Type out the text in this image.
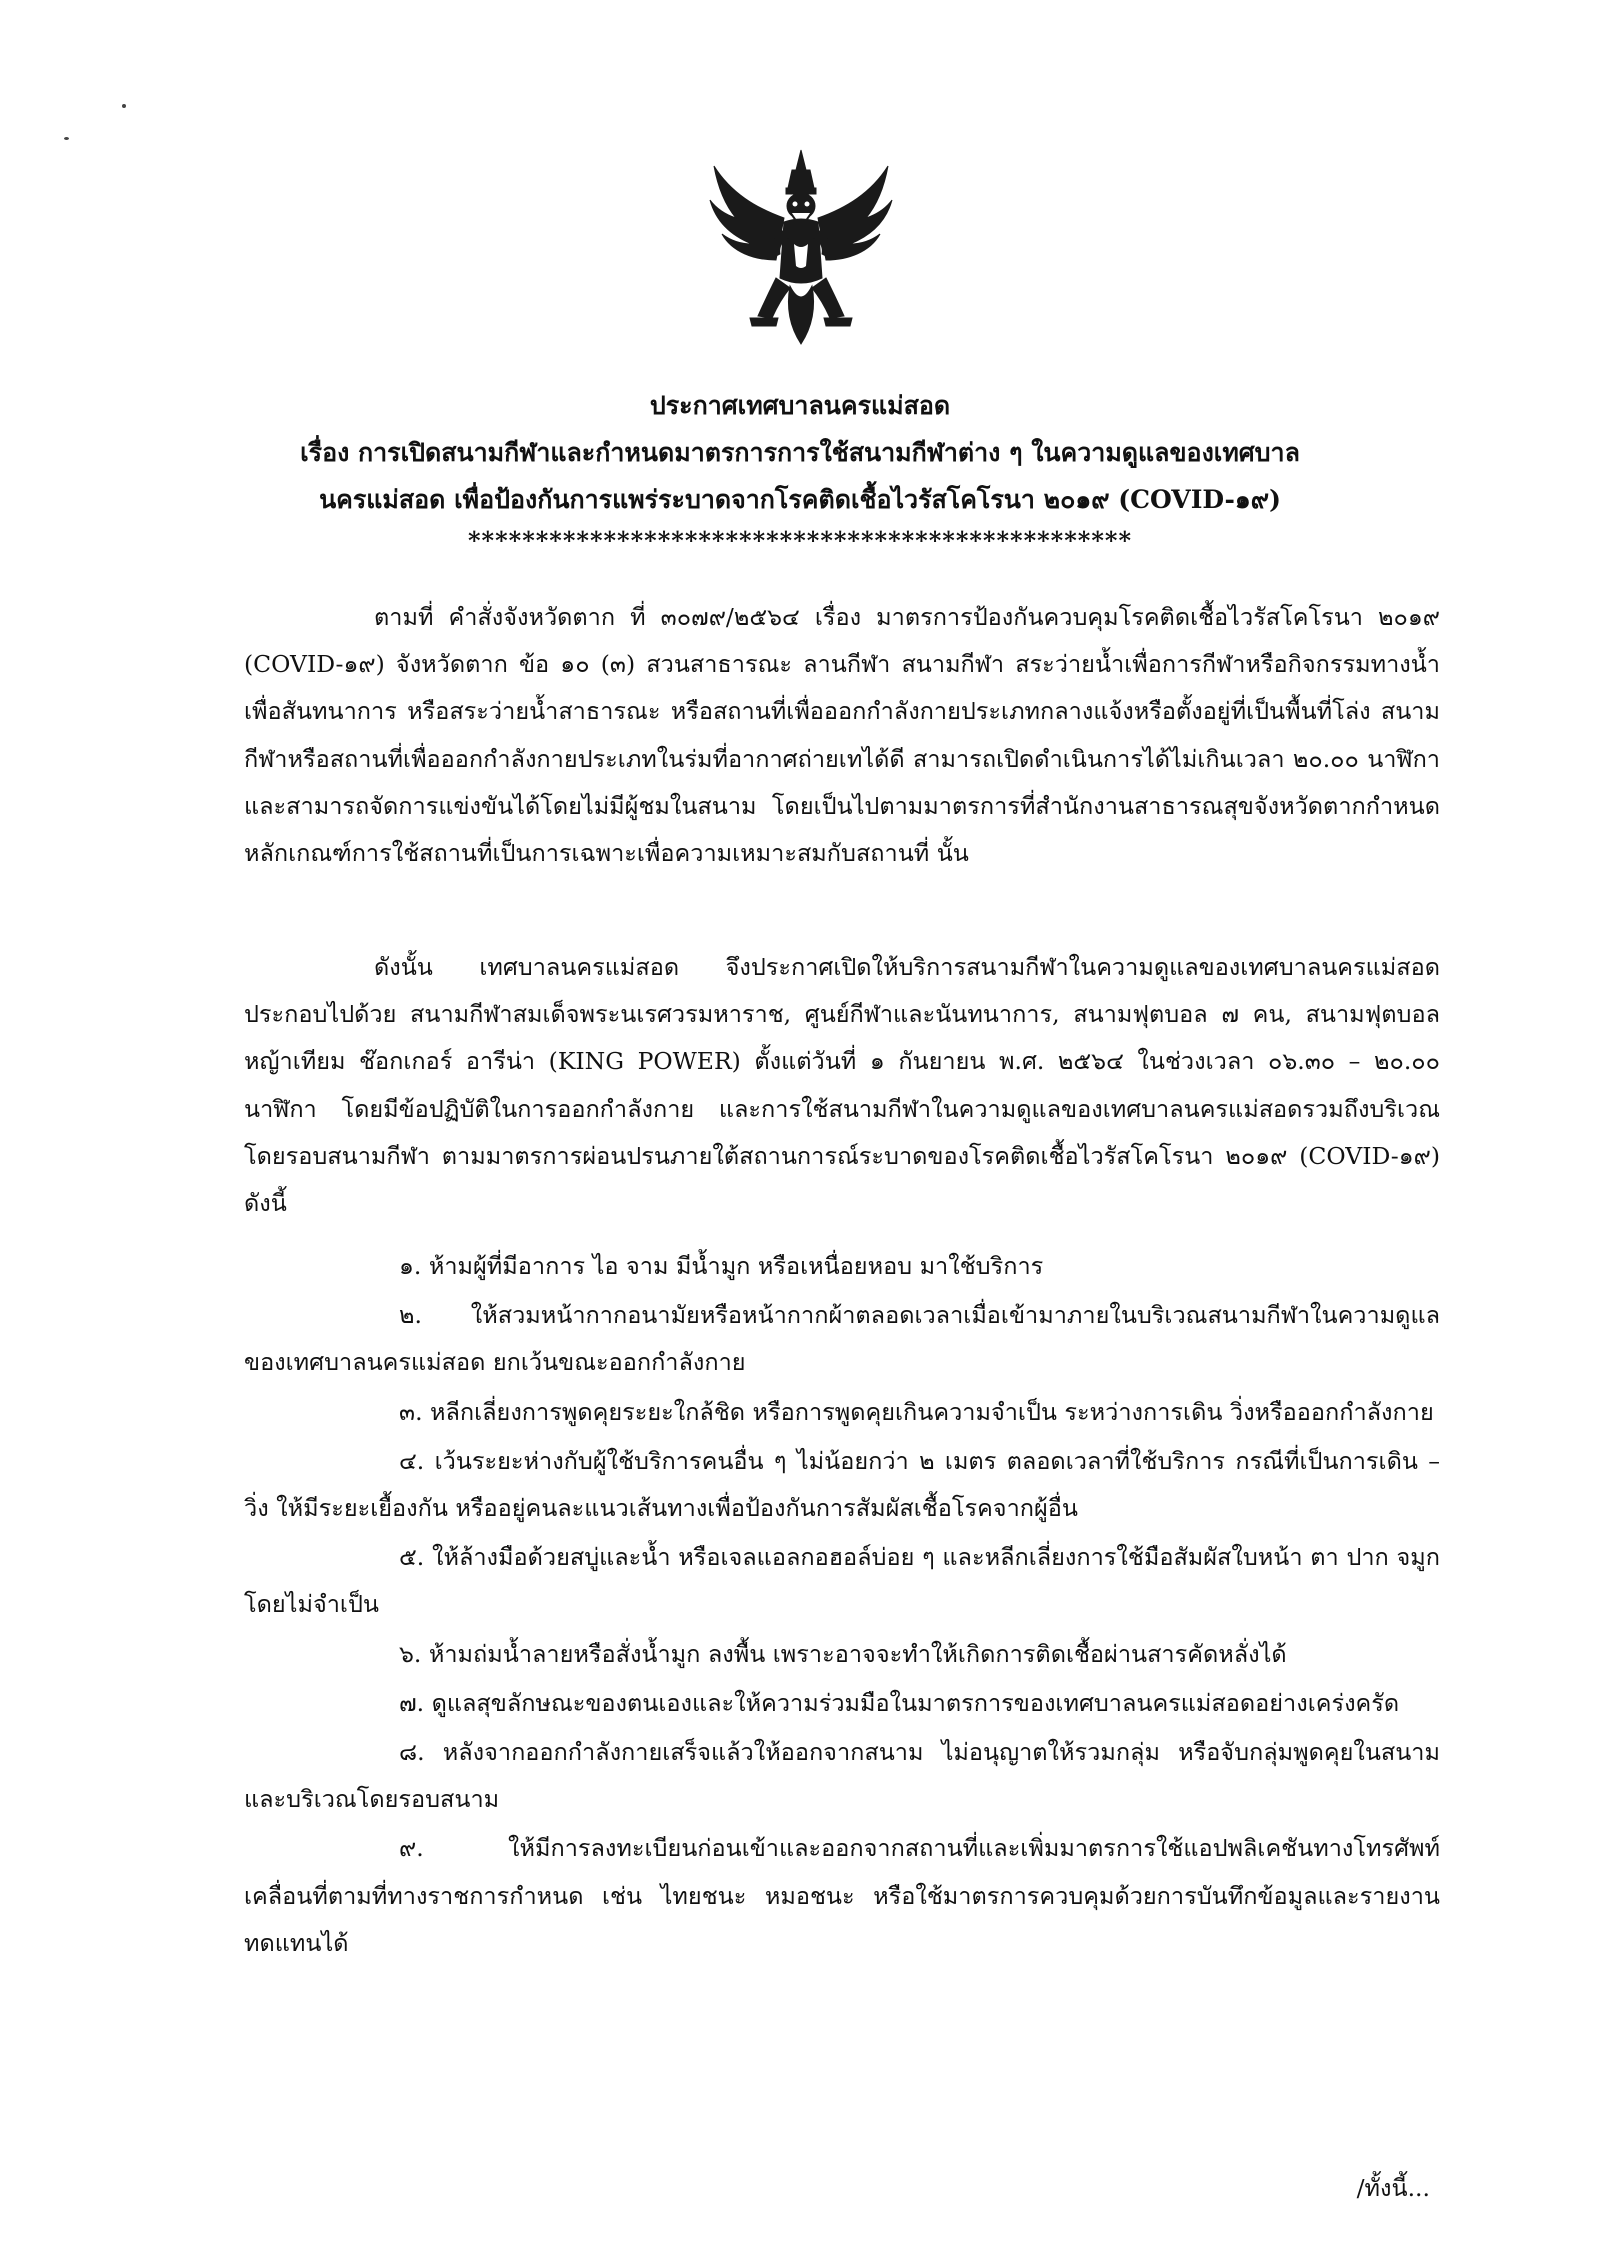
ประกาศเทศบาลนครแม่สอด
เรื่อง การเปิดสนามกีฬาและกำหนดมาตรการการใช้สนามกีฬาต่าง ๆ ในความดูแลของเทศบาล
นครแม่สอด เพื่อป้องกันการแพร่ระบาดจากโรคติดเชื้อไวรัสโคโรนา ๒๐๑๙ (COVID-๑๙)
*************************************************
ตามที่ คำสั่งจังหวัดตาก ที่ ๓๐๗๙/๒๕๖๔ เรื่อง มาตรการป้องกันควบคุมโรคติดเชื้อไวรัสโคโรนา ๒๐๑๙ (COVID-๑๙) จังหวัดตาก ข้อ ๑๐ (๓) สวนสาธารณะ ลานกีฬา สนามกีฬา สระว่ายน้ำเพื่อการกีฬาหรือกิจกรรมทางน้ำเพื่อสันทนาการ หรือสระว่ายน้ำสาธารณะ หรือสถานที่เพื่อออกกำลังกายประเภทกลางแจ้งหรือตั้งอยู่ที่เป็นพื้นที่โล่ง สนามกีฬาหรือสถานที่เพื่อออกกำลังกายประเภทในร่มที่อากาศถ่ายเทได้ดี สามารถเปิดดำเนินการได้ไม่เกินเวลา ๒๐.๐๐ นาฬิกา และสามารถจัดการแข่งขันได้โดยไม่มีผู้ชมในสนาม โดยเป็นไปตามมาตรการที่สำนักงานสาธารณสุขจังหวัดตากกำหนดหลักเกณฑ์การใช้สถานที่เป็นการเฉพาะเพื่อความเหมาะสมกับสถานที่ นั้น
ดังนั้น เทศบาลนครแม่สอด จึงประกาศเปิดให้บริการสนามกีฬาในความดูแลของเทศบาลนครแม่สอด ประกอบไปด้วย สนามกีฬาสมเด็จพระนเรศวรมหาราช, ศูนย์กีฬาและนันทนาการ, สนามฟุตบอล ๗ คน, สนามฟุตบอลหญ้าเทียม ช๊อกเกอร์ อารีน่า (KING POWER) ตั้งแต่วันที่ ๑ กันยายน พ.ศ. ๒๕๖๔ ในช่วงเวลา ๐๖.๓๐ – ๒๐.๐๐ นาฬิกา โดยมีข้อปฏิบัติในการออกกำลังกาย และการใช้สนามกีฬาในความดูแลของเทศบาลนครแม่สอดรวมถึงบริเวณโดยรอบสนามกีฬา ตามมาตรการผ่อนปรนภายใต้สถานการณ์ระบาดของโรคติดเชื้อไวรัสโคโรนา ๒๐๑๙ (COVID-๑๙) ดังนี้
๑. ห้ามผู้ที่มีอาการ ไอ จาม มีน้ำมูก หรือเหนื่อยหอบ มาใช้บริการ
๒. ให้สวมหน้ากากอนามัยหรือหน้ากากผ้าตลอดเวลาเมื่อเข้ามาภายในบริเวณสนามกีฬาในความดูแลของเทศบาลนครแม่สอด ยกเว้นขณะออกกำลังกาย
๓. หลีกเลี่ยงการพูดคุยระยะใกล้ชิด หรือการพูดคุยเกินความจำเป็น ระหว่างการเดิน วิ่งหรือออกกำลังกาย
๔. เว้นระยะห่างกับผู้ใช้บริการคนอื่น ๆ ไม่น้อยกว่า ๒ เมตร ตลอดเวลาที่ใช้บริการ กรณีที่เป็นการเดิน – วิ่ง ให้มีระยะเยื้องกัน หรืออยู่คนละแนวเส้นทางเพื่อป้องกันการสัมผัสเชื้อโรคจากผู้อื่น
๕. ให้ล้างมือด้วยสบู่และน้ำ หรือเจลแอลกอฮอล์บ่อย ๆ และหลีกเลี่ยงการใช้มือสัมผัสใบหน้า ตา ปาก จมูก โดยไม่จำเป็น
๖. ห้ามถ่มน้ำลายหรือสั่งน้ำมูก ลงพื้น เพราะอาจจะทำให้เกิดการติดเชื้อผ่านสารคัดหลั่งได้
๗. ดูแลสุขลักษณะของตนเองและให้ความร่วมมือในมาตรการของเทศบาลนครแม่สอดอย่างเคร่งครัด
๘. หลังจากออกกำลังกายเสร็จแล้วให้ออกจากสนาม ไม่อนุญาตให้รวมกลุ่ม หรือจับกลุ่มพูดคุยในสนามและบริเวณโดยรอบสนาม
๙. ให้มีการลงทะเบียนก่อนเข้าและออกจากสถานที่และเพิ่มมาตรการใช้แอปพลิเคชันทางโทรศัพท์เคลื่อนที่ตามที่ทางราชการกำหนด เช่น ไทยชนะ หมอชนะ หรือใช้มาตรการควบคุมด้วยการบันทึกข้อมูลและรายงานทดแทนได้
/ทั้งนี้...
